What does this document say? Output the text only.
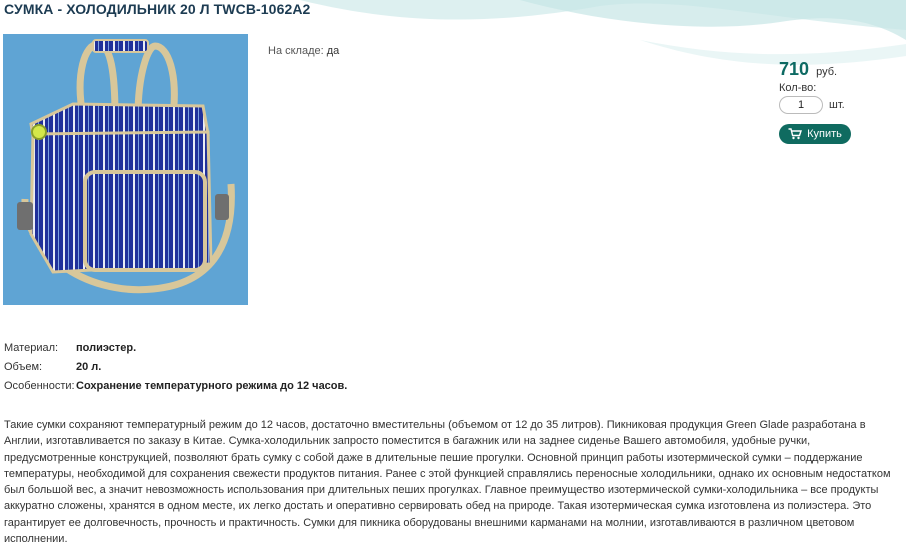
СУМКА - ХОЛОДИЛЬНИК 20 Л TWCB-1062A2
На складе: да
710 руб.
Кол-во:
1
шт.
Купить
Материал:	полиэстер.
Объем:	20 л.
Особенности:	Сохранение температурного режима до 12 часов.

Такие сумки сохраняют температурный режим до 12 часов, достаточно вместительны (объемом от 12 до 35 литров). Пикниковая продукция Green Glade разработана в Англии, изготавливается по заказу в Китае. Сумка-холодильник запросто поместится в багажник или на заднее сиденье Вашего автомобиля, удобные ручки, предусмотренные конструкцией, позволяют брать сумку с собой даже в длительные пешие прогулки. Основной принцип работы изотермической сумки – поддержание температуры, необходимой для сохранения свежести продуктов питания. Ранее с этой функцией справлялись переносные холодильники, однако их основным недостатком был большой вес, а значит невозможность использования при длительных пеших прогулках. Главное преимущество изотермической сумки-холодильника – все продукты аккуратно сложены, хранятся в одном месте, их легко достать и оперативно сервировать обед на природе. Такая изотермическая сумка изготовлена из полиэстера. Это гарантирует ее долговечность, прочность и практичность. Сумки для пикника оборудованы внешними карманами на молнии, изготавливаются в различном цветовом исполнении.
